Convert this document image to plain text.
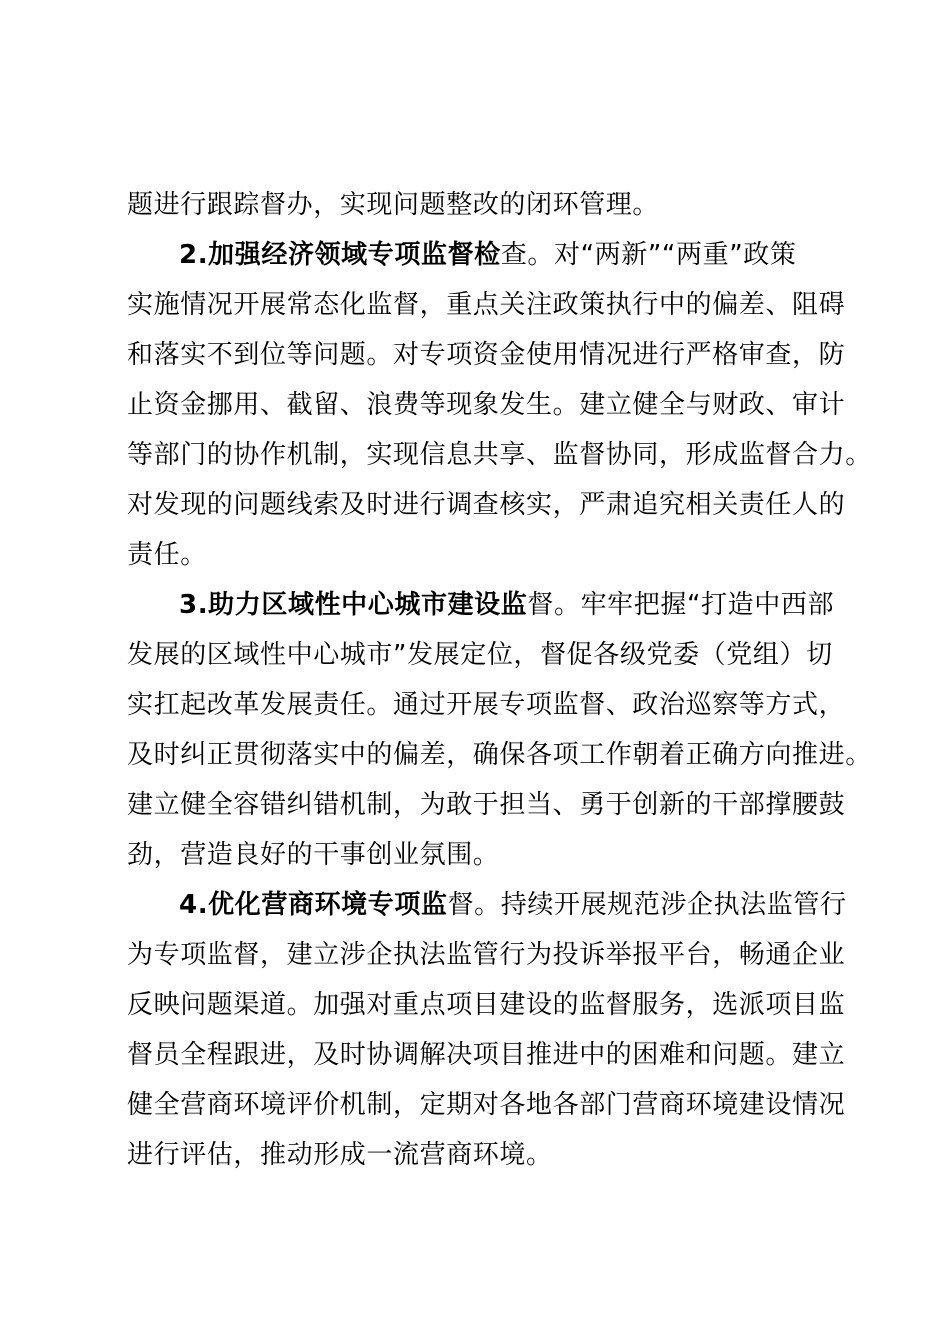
题进行跟踪督办，实现问题整改的闭环管理。
2.加强经济领域专项监督检查。对“两新”“两重”政策
实施情况开展常态化监督，重点关注政策执行中的偏差、阻碍
和落实不到位等问题。对专项资金使用情况进行严格审查，防
止资金挪用、截留、浪费等现象发生。建立健全与财政、审计
等部门的协作机制，实现信息共享、监督协同，形成监督合力。
对发现的问题线索及时进行调查核实，严肃追究相关责任人的
责任。
3.助力区域性中心城市建设监督。牢牢把握“打造中西部
发展的区域性中心城市”发展定位，督促各级党委（党组）切
实扛起改革发展责任。通过开展专项监督、政治巡察等方式，
及时纠正贯彻落实中的偏差，确保各项工作朝着正确方向推进。
建立健全容错纠错机制，为敢于担当、勇于创新的干部撑腰鼓
劲，营造良好的干事创业氛围。
4.优化营商环境专项监督。持续开展规范涉企执法监管行
为专项监督，建立涉企执法监管行为投诉举报平台，畅通企业
反映问题渠道。加强对重点项目建设的监督服务，选派项目监
督员全程跟进，及时协调解决项目推进中的困难和问题。建立
健全营商环境评价机制，定期对各地各部门营商环境建设情况
进行评估，推动形成一流营商环境。
